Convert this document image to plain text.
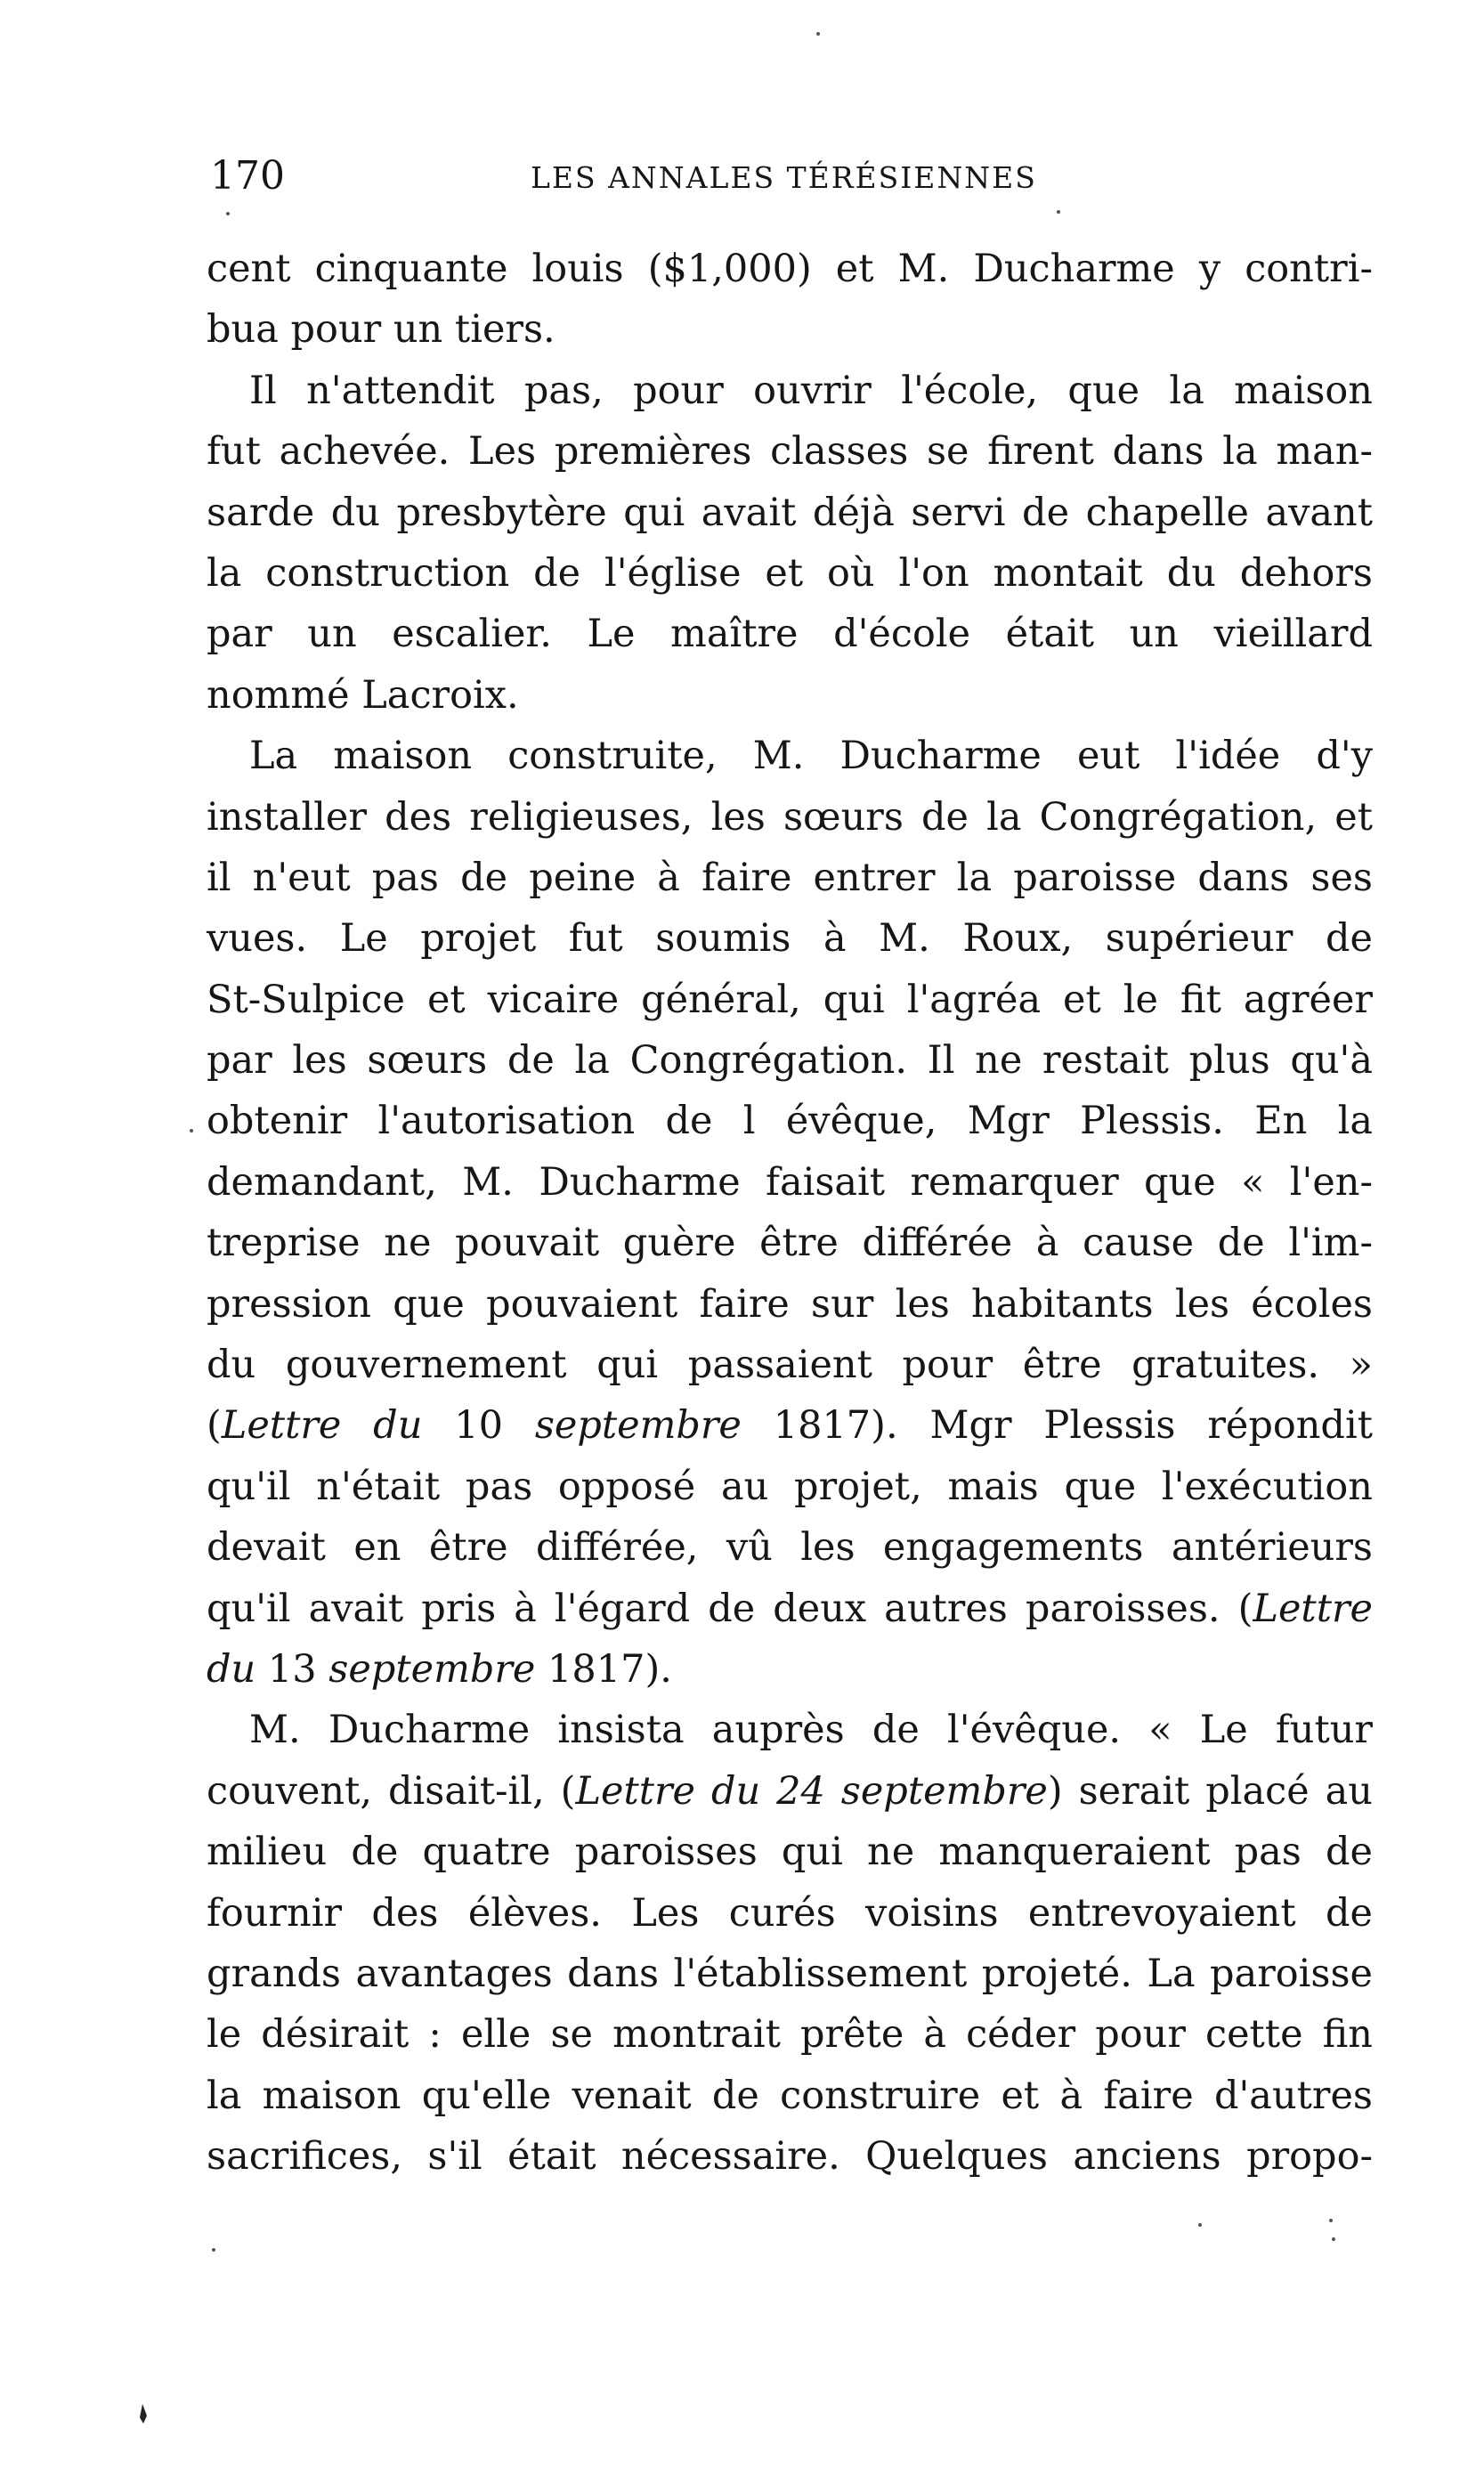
170	LES ANNALES TÉRÉSIENNES
cent cinquante louis ($1,000) et M. Ducharme y contri-
bua pour un tiers.
Il n'attendit pas, pour ouvrir l'école, que la maison
fut achevée. Les premières classes se firent dans la man-
sarde du presbytère qui avait déjà servi de chapelle avant
la construction de l'église et où l'on montait du dehors
par un escalier. Le maître d'école était un vieillard
nommé Lacroix.
La maison construite, M. Ducharme eut l'idée d'y
installer des religieuses, les sœurs de la Congrégation, et
il n'eut pas de peine à faire entrer la paroisse dans ses
vues. Le projet fut soumis à M. Roux, supérieur de
St-Sulpice et vicaire général, qui l'agréa et le fit agréer
par les sœurs de la Congrégation. Il ne restait plus qu'à
obtenir l'autorisation de l évêque, Mgr Plessis. En la
demandant, M. Ducharme faisait remarquer que « l'en-
treprise ne pouvait guère être différée à cause de l'im-
pression que pouvaient faire sur les habitants les écoles
du gouvernement qui passaient pour être gratuites. »
(Lettre du 10 septembre 1817). Mgr Plessis répondit
qu'il n'était pas opposé au projet, mais que l'exécution
devait en être différée, vû les engagements antérieurs
qu'il avait pris à l'égard de deux autres paroisses. (Lettre
du 13 septembre 1817).
M. Ducharme insista auprès de l'évêque. « Le futur
couvent, disait-il, (Lettre du 24 septembre) serait placé au
milieu de quatre paroisses qui ne manqueraient pas de
fournir des élèves. Les curés voisins entrevoyaient de
grands avantages dans l'établissement projeté. La paroisse
le désirait : elle se montrait prête à céder pour cette fin
la maison qu'elle venait de construire et à faire d'autres
sacrifices, s'il était nécessaire. Quelques anciens propo-
